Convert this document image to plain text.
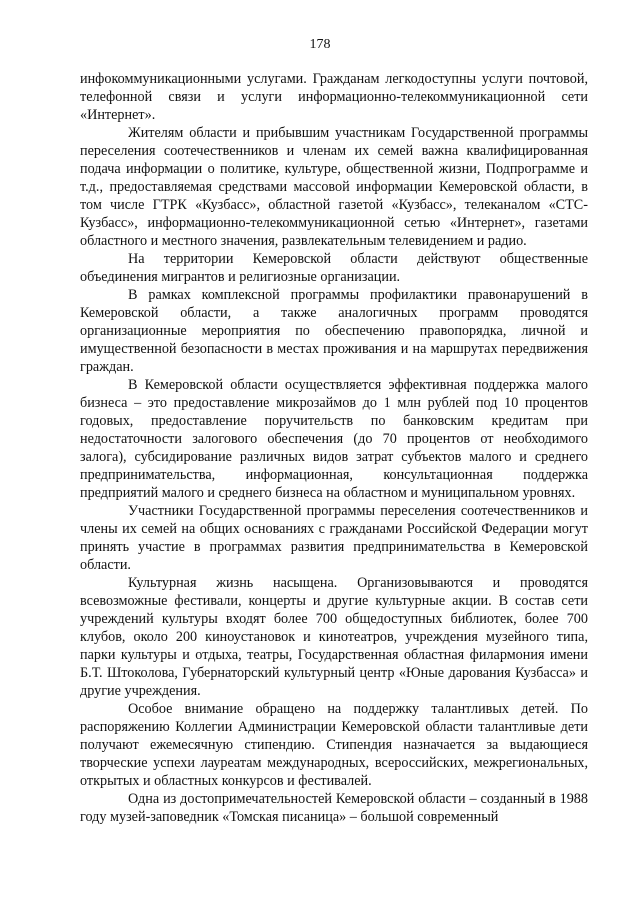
178

инфокоммуникационными услугами. Гражданам легкодоступны услуги почтовой, телефонной связи и услуги информационно-телекоммуникационной сети «Интернет».

Жителям области и прибывшим участникам Государственной программы переселения соотечественников и членам их семей важна квалифицированная подача информации о политике, культуре, общественной жизни, Подпрограмме и т.д., предоставляемая средствами массовой информации Кемеровской области, в том числе ГТРК «Кузбасс», областной газетой «Кузбасс», телеканалом «СТС-Кузбасс», информационно-телекоммуникационной сетью «Интернет», газетами областного и местного значения, развлекательным телевидением и радио.

На территории Кемеровской области действуют общественные объединения мигрантов и религиозные организации.

В рамках комплексной программы профилактики правонарушений в Кемеровской области, а также аналогичных программ проводятся организационные мероприятия по обеспечению правопорядка, личной и имущественной безопасности в местах проживания и на маршрутах передвижения граждан.

В Кемеровской области осуществляется эффективная поддержка малого бизнеса – это предоставление микрозаймов до 1 млн рублей под 10 процентов годовых, предоставление поручительств по банковским кредитам при недостаточности залогового обеспечения (до 70 процентов от необходимого залога), субсидирование различных видов затрат субъектов малого и среднего предпринимательства, информационная, консультационная поддержка предприятий малого и среднего бизнеса на областном и муниципальном уровнях.

Участники Государственной программы переселения соотечественников и члены их семей на общих основаниях с гражданами Российской Федерации могут принять участие в программах развития предпринимательства в Кемеровской области.

Культурная жизнь насыщена. Организовываются и проводятся всевозможные фестивали, концерты и другие культурные акции. В состав сети учреждений культуры входят более 700 общедоступных библиотек, более 700 клубов, около 200 киноустановок и кинотеатров, учреждения музейного типа, парки культуры и отдыха, театры, Государственная областная филармония имени Б.Т. Штоколова, Губернаторский культурный центр «Юные дарования Кузбасса» и другие учреждения.

Особое внимание обращено на поддержку талантливых детей. По распоряжению Коллегии Администрации Кемеровской области талантливые дети получают ежемесячную стипендию. Стипендия назначается за выдающиеся творческие успехи лауреатам международных, всероссийских, межрегиональных, открытых и областных конкурсов и фестивалей.

Одна из достопримечательностей Кемеровской области – созданный в 1988 году музей-заповедник «Томская писаница» – большой современный
